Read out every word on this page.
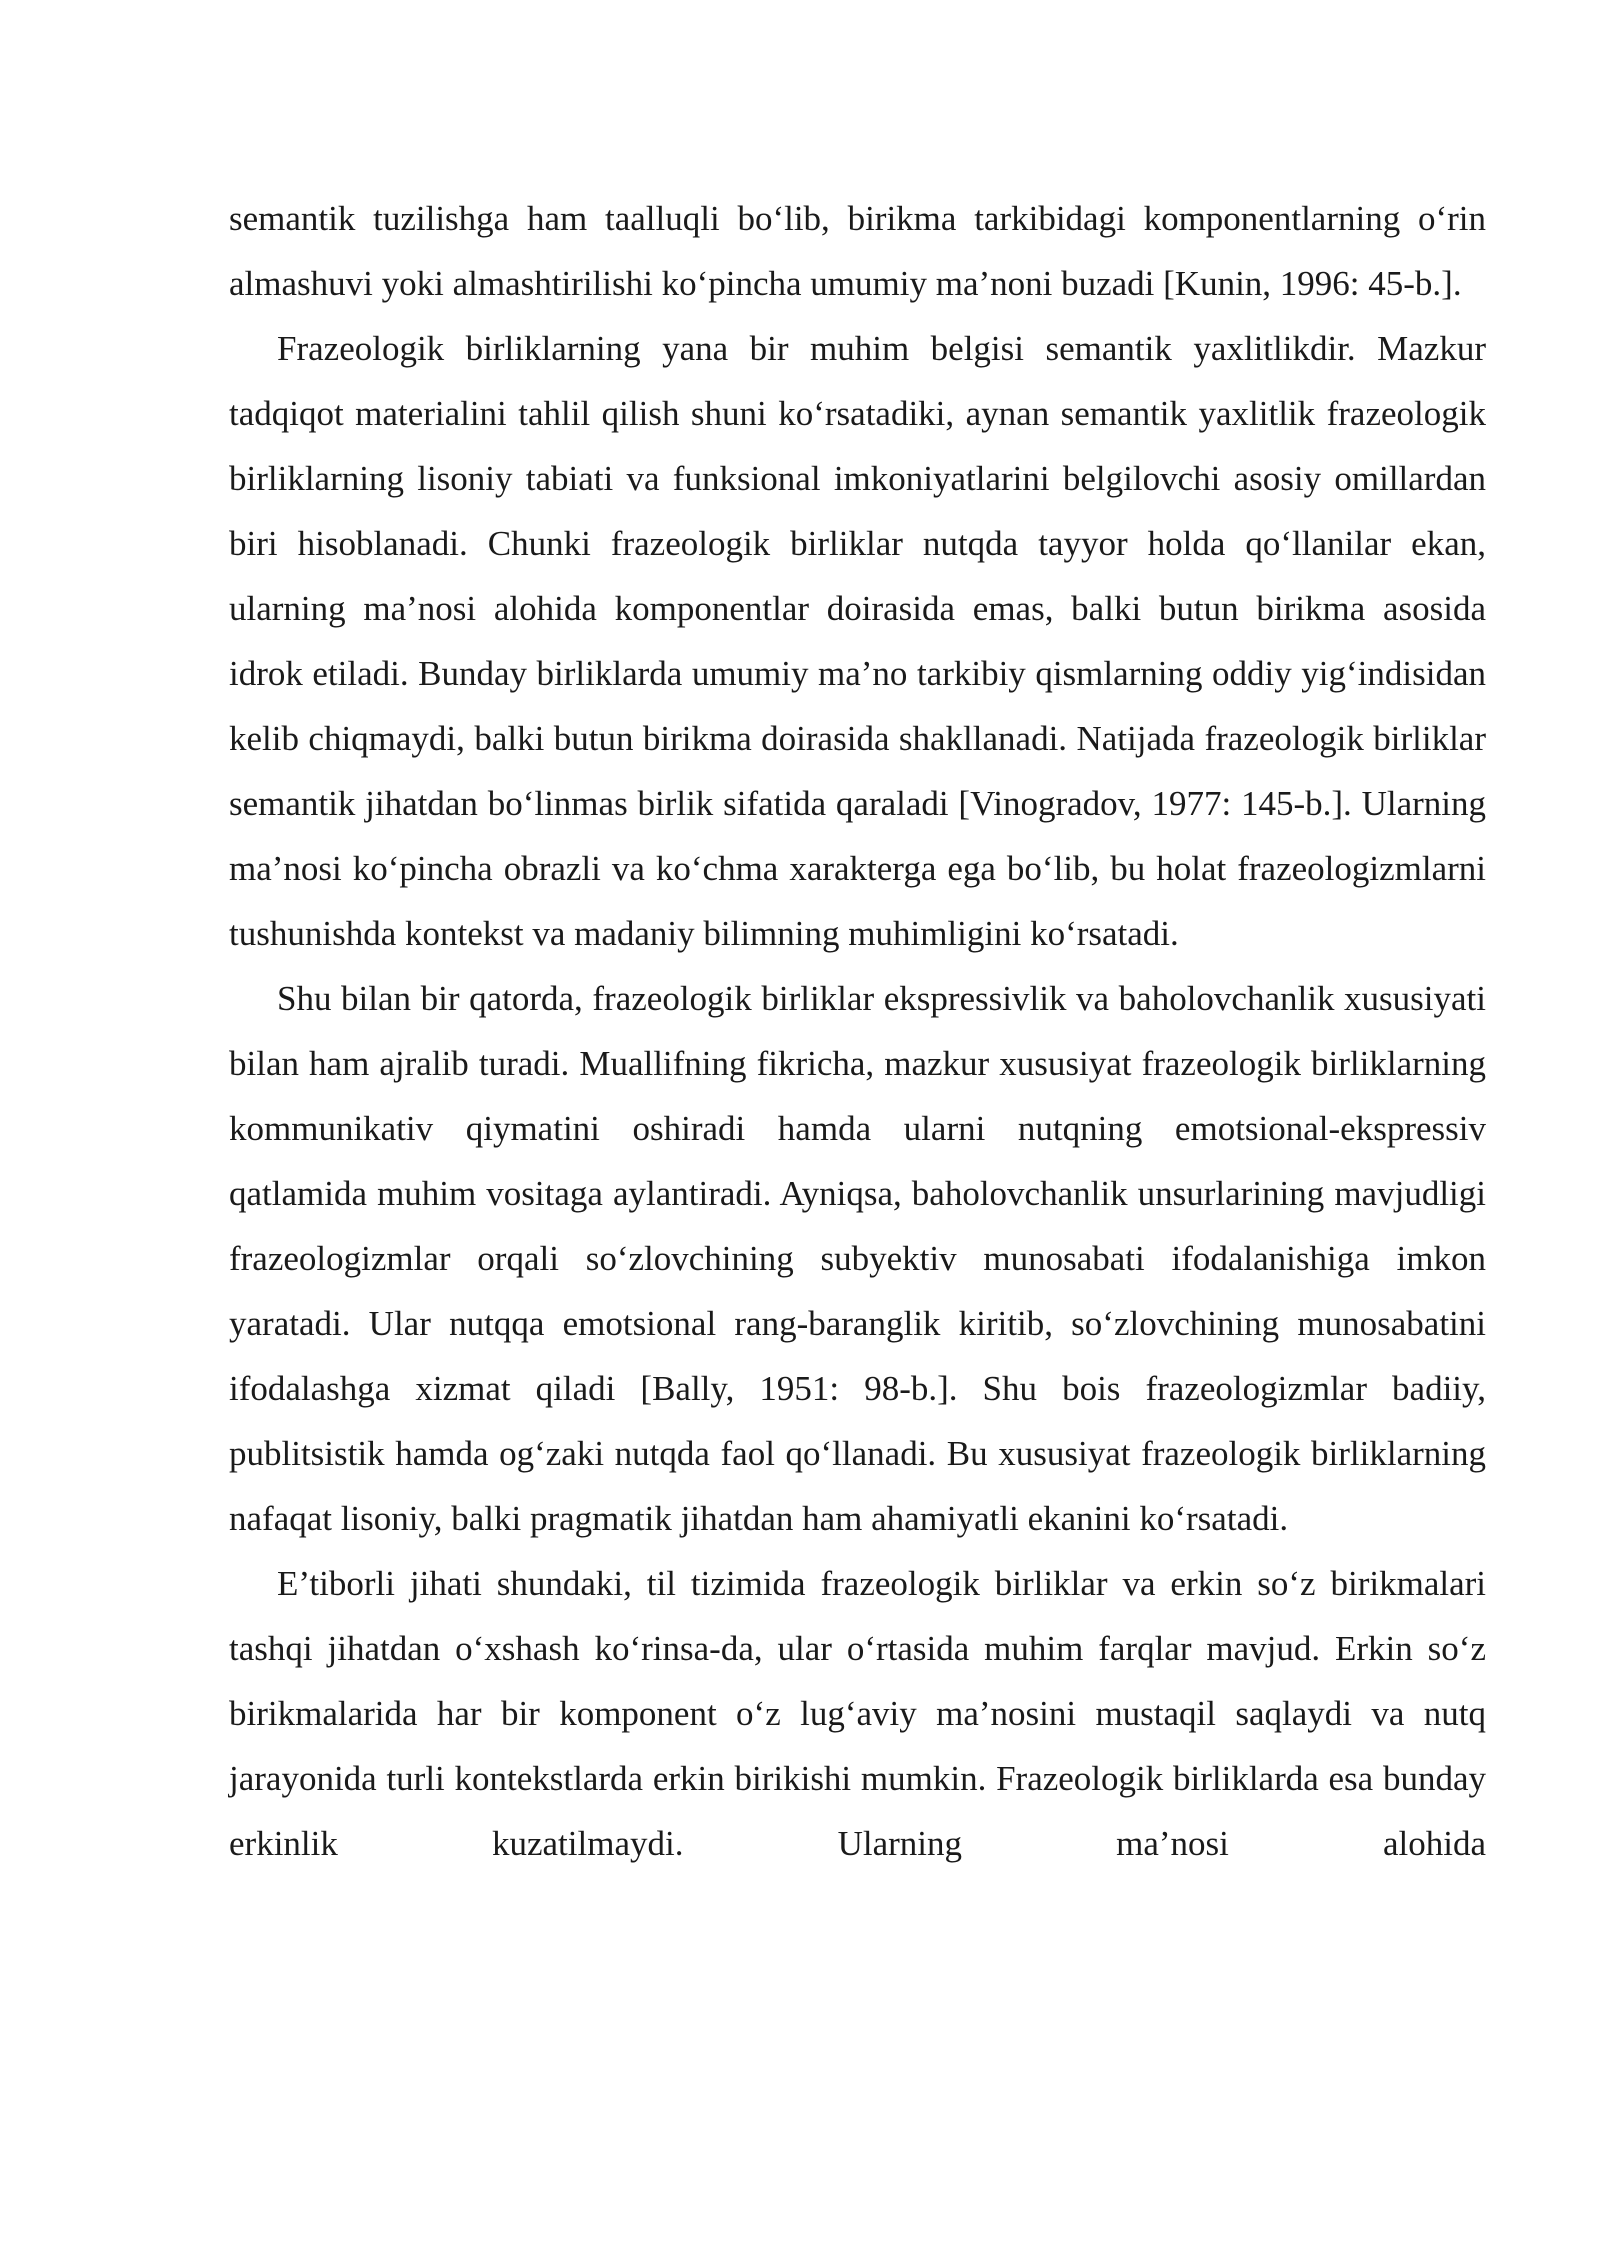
semantik tuzilishga ham taalluqli bo‘lib, birikma tarkibidagi komponentlarning o‘rin almashuvi yoki almashtirilishi ko‘pincha umumiy ma’noni buzadi [Kunin, 1996: 45-b.].

Frazeologik birliklarning yana bir muhim belgisi semantik yaxlitlikdir. Mazkur tadqiqot materialini tahlil qilish shuni ko‘rsatadiki, aynan semantik yaxlitlik frazeologik birliklarning lisoniy tabiati va funksional imkoniyatlarini belgilovchi asosiy omillardan biri hisoblanadi. Chunki frazeologik birliklar nutqda tayyor holda qo‘llanilar ekan, ularning ma’nosi alohida komponentlar doirasida emas, balki butun birikma asosida idrok etiladi. Bunday birliklarda umumiy ma’no tarkibiy qismlarning oddiy yig‘indisidan kelib chiqmaydi, balki butun birikma doirasida shakllanadi. Natijada frazeologik birliklar semantik jihatdan bo‘linmas birlik sifatida qaraladi [Vinogradov, 1977: 145-b.]. Ularning ma’nosi ko‘pincha obrazli va ko‘chma xarakterga ega bo‘lib, bu holat frazeologizmlarni tushunishda kontekst va madaniy bilimning muhimligini ko‘rsatadi.

Shu bilan bir qatorda, frazeologik birliklar ekspressivlik va baholovchanlik xususiyati bilan ham ajralib turadi. Muallifning fikricha, mazkur xususiyat frazeologik birliklarning kommunikativ qiymatini oshiradi hamda ularni nutqning emotsional-ekspressiv qatlamida muhim vositaga aylantiradi. Ayniqsa, baholovchanlik unsurlarining mavjudligi frazeologizmlar orqali so‘zlovchining subyektiv munosabati ifodalanishiga imkon yaratadi. Ular nutqqa emotsional rang-baranglik kiritib, so‘zlovchining munosabatini ifodalashga xizmat qiladi [Bally, 1951: 98-b.]. Shu bois frazeologizmlar badiiy, publitsistik hamda og‘zaki nutqda faol qo‘llanadi. Bu xususiyat frazeologik birliklarning nafaqat lisoniy, balki pragmatik jihatdan ham ahamiyatli ekanini ko‘rsatadi.

E’tiborli jihati shundaki, til tizimida frazeologik birliklar va erkin so‘z birikmalari tashqi jihatdan o‘xshash ko‘rinsa-da, ular o‘rtasida muhim farqlar mavjud. Erkin so‘z birikmalarida har bir komponent o‘z lug‘aviy ma’nosini mustaqil saqlaydi va nutq jarayonida turli kontekstlarda erkin birikishi mumkin. Frazeologik birliklarda esa bunday erkinlik kuzatilmaydi. Ularning ma’nosi alohida
